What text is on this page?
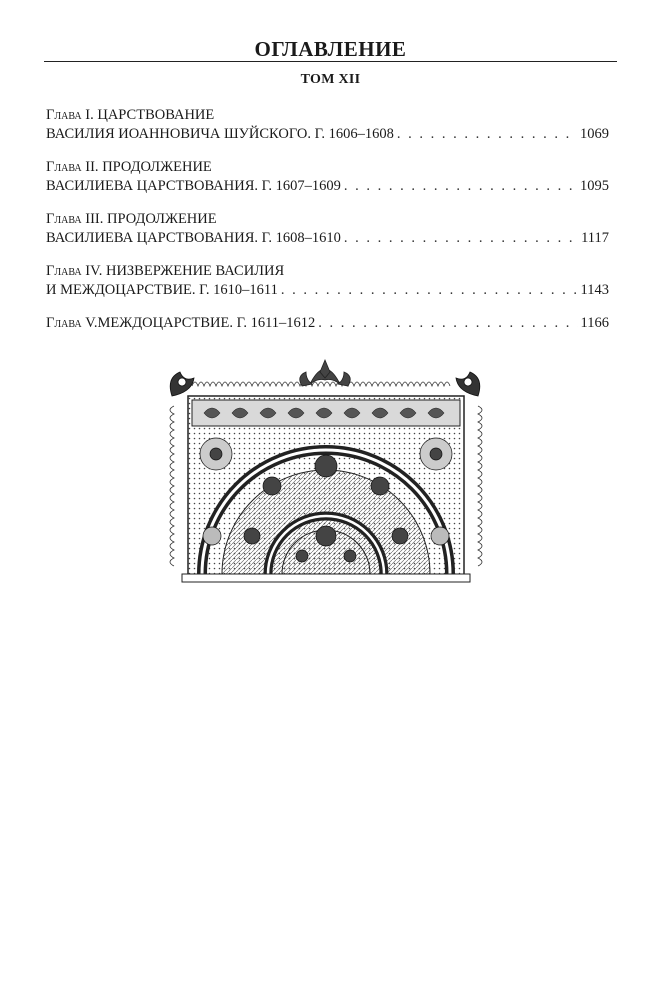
ОГЛАВЛЕНИЕ
ТОМ XII
Глава I. ЦАРСТВОВАНИЕ
ВАСИЛИЯ ИОАННОВИЧА ШУЙСКОГО. Г. 1606–1608 . . .	1069
Глава II. ПРОДОЛЖЕНИЕ
ВАСИЛИЕВА ЦАРСТВОВАНИЯ. Г. 1607–1609 . . .	1095
Глава III. ПРОДОЛЖЕНИЕ
ВАСИЛИЕВА ЦАРСТВОВАНИЯ. Г. 1608–1610 . . .	1117
Глава IV. НИЗВЕРЖЕНИЕ ВАСИЛИЯ
И МЕЖДОЦАРСТВИЕ. Г. 1610–1611 . . .	1143
Глава V. МЕЖДОЦАРСТВИЕ. Г. 1611–1612 . . .	1166
